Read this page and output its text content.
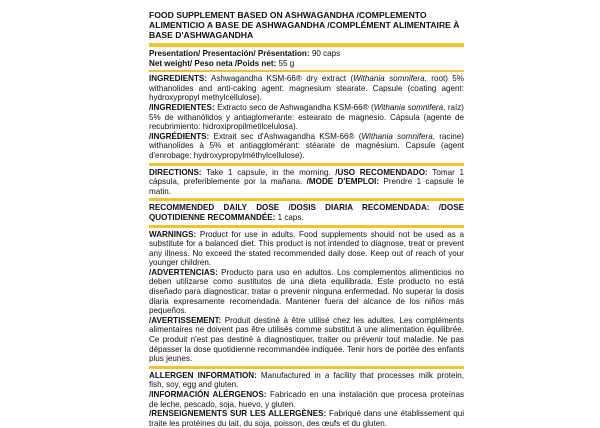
FOOD SUPPLEMENT BASED ON ASHWAGANDHA /COMPLEMENTO ALIMENTICIO A BASE DE ASHWAGANDHA /COMPLÉMENT ALIMENTAIRE À BASE D'ASHWAGANDHA
Presentation/ Presentación/ Présentation: 90 caps
Net weight/ Peso neta /Poids net: 55 g
INGREDIENTS: Ashwagandha KSM-66® dry extract (Withania somnifera, root) 5% withanolides and anti-caking agent: magnesium stearate. Capsule (coating agent: hydroxypropyl methylcellulose).
/INGREDIENTES: Extracto seco de Ashwagandha KSM-66® (Withania somnifera, raíz) 5% de withanólidos y antiaglomerante: estearato de magnesio. Cápsula (agente de recubrimiento: hidroxipropilmetilcelulosa).
/INGRÉDIENTS: Extrait sec d'Ashwagandha KSM-66® (Withania somnifera, racine) withanolides à 5% et antiagglomérant: stéarate de magnésium. Capsule (agent d'enrobage: hydroxypropylméthylcellulose).
DIRECTIONS: Take 1 capsule, in the morning. /USO RECOMENDADO: Tomar 1 cápsula, preferiblemente por la mañana. /MODE D'EMPLOI: Prendre 1 capsule le matin.
RECOMMENDED DAILY DOSE /DOSIS DIARIA RECOMENDADA: /DOSE QUOTIDIENNE RECOMMANDÉE: 1 caps.
WARNINGS: Product for use in adults. Food supplements should not be used as a substitute for a balanced diet. This product is not intended to diagnose, treat or prevent any illness. No exceed the stated recommended daily dose. Keep out of reach of your younger children.
/ADVERTENCIAS: Producto para uso en adultos. Los complementos alimenticios no deben utilizarse como sustitutos de una dieta equilibrada. Este producto no está diseñado para diagnosticar, tratar o prevenir ninguna enfermedad. No superar la dosis diaria expresamente recomendada. Mantener fuera del alcance de los niños más pequeños.
/AVERTISSEMENT: Produit destiné à être utilisé chez les adultes. Les compléments alimentaires ne doivent pas être utilisés comme substitut à une alimentation équilibrée. Ce produit n'est pas destiné à diagnostiquer, traiter ou prévenir tout maladie. Ne pas dépasser la dose quotidienne recommandée indiquée. Tenir hors de portée des enfants plus jeunes.
ALLERGEN INFORMATION: Manufactured in a facility that processes milk protein, fish, soy, egg and gluten.
/INFORMACIÓN ALÉRGENOS: Fabricado en una instalación que procesa proteínas de leche, pescado, soja, huevo, y gluten.
/RENSEIGNEMENTS SUR LES ALLERGÈNES: Fabriqué dans une établissement qui traite les protéines du lait, du soja, poisson, des œufs et du gluten.
